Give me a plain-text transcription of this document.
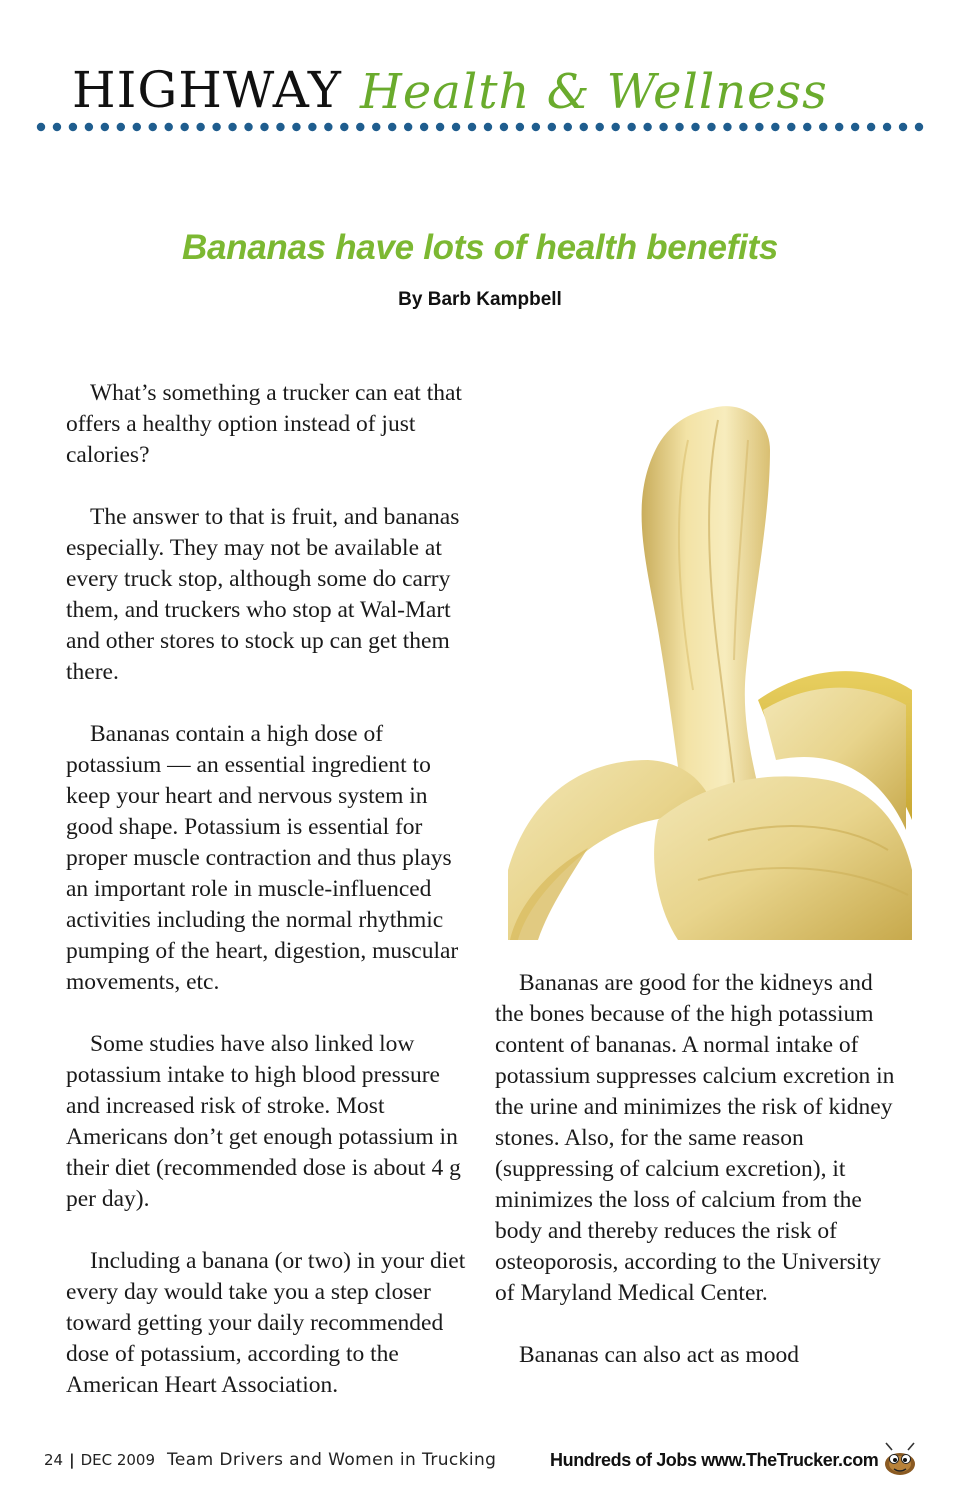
HIGHWAY Health & Wellness
Bananas have lots of health benefits
By Barb Kampbell

What’s something a trucker can eat that offers a healthy option instead of just calories?

The answer to that is fruit, and bananas especially. They may not be available at every truck stop, although some do carry them, and truckers who stop at Wal-Mart and other stores to stock up can get them there.

Bananas contain a high dose of potassium — an essential ingredient to keep your heart and nervous system in good shape. Potassium is essential for proper muscle contraction and thus plays an important role in muscle-influenced activities including the normal rhythmic pumping of the heart, digestion, muscular movements, etc.

Some studies have also linked low potassium intake to high blood pressure and increased risk of stroke. Most Americans don’t get enough potassium in their diet (recommended dose is about 4 g per day).

Including a banana (or two) in your diet every day would take you a step closer toward getting your daily recommended dose of potassium, according to the American Heart Association.

Bananas are good for the kidneys and the bones because of the high potassium content of bananas. A normal intake of potassium suppresses calcium excretion in the urine and minimizes the risk of kidney stones. Also, for the same reason (suppressing of calcium excretion), it minimizes the loss of calcium from the body and thereby reduces the risk of osteoporosis, according to the University of Maryland Medical Center.

Bananas can also act as mood

24 | DEC 2009 Team Drivers and Women in Trucking	Hundreds of Jobs www.TheTrucker.com
